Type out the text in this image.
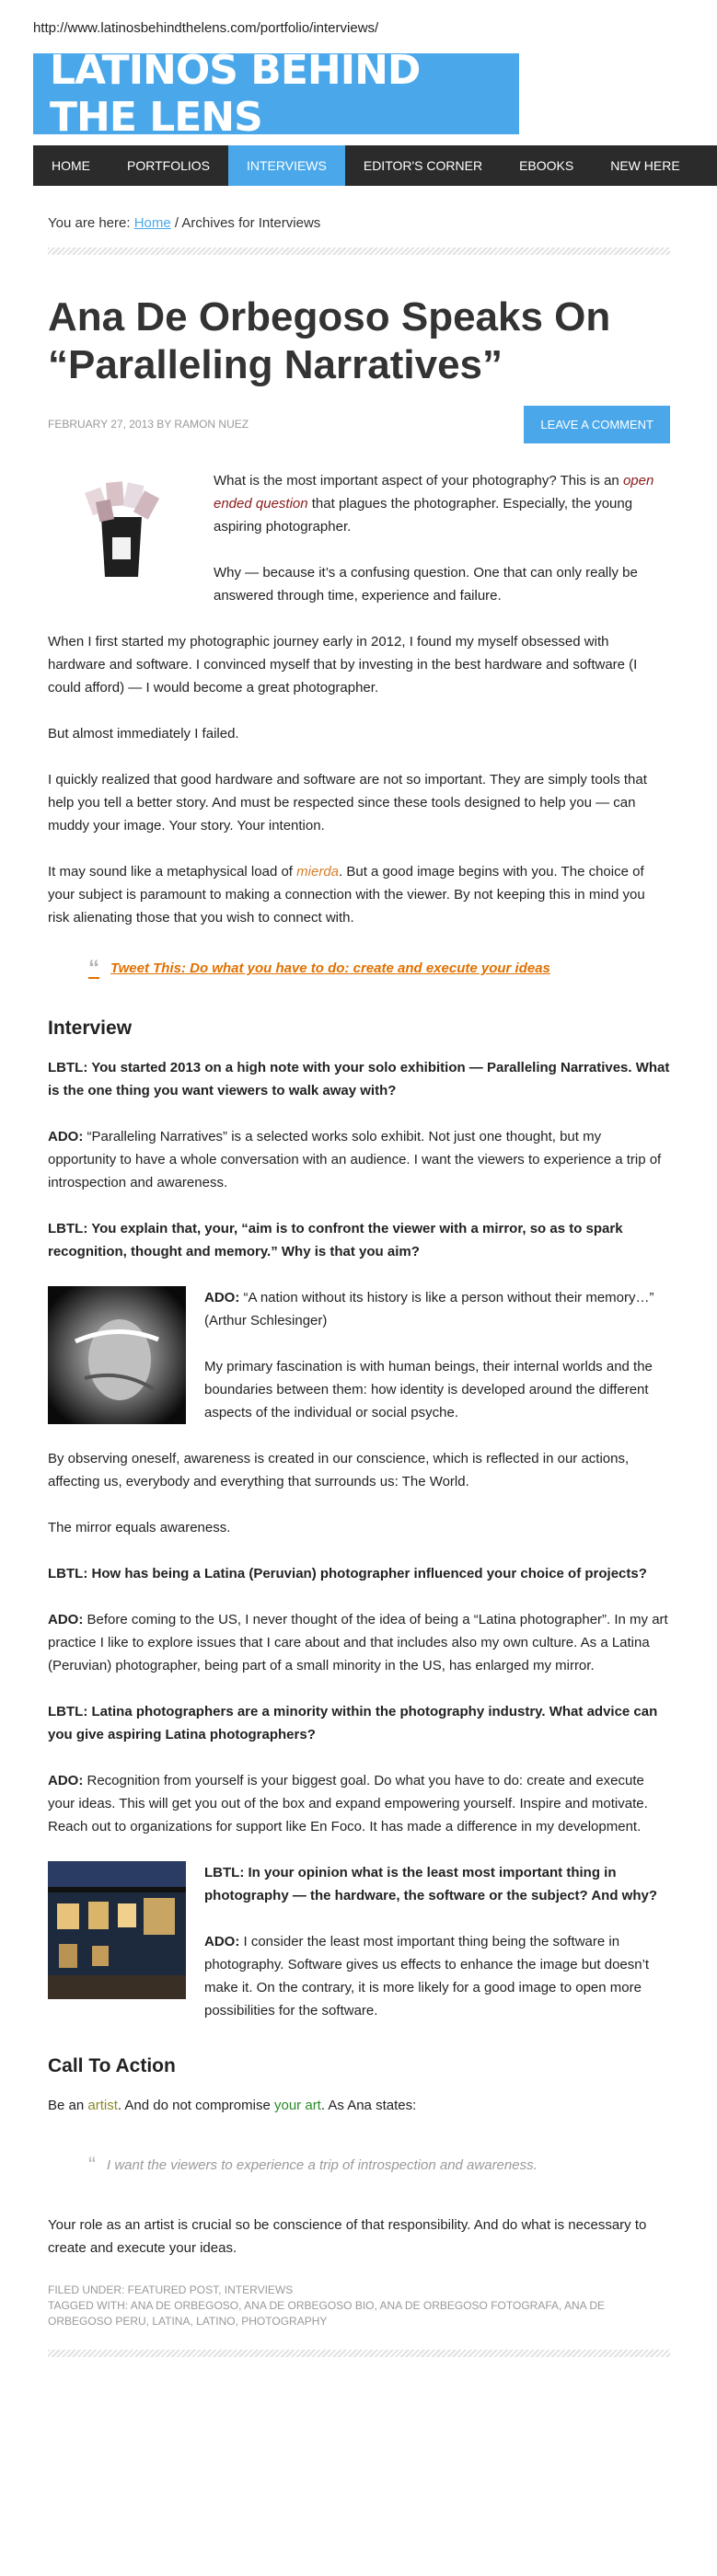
http://www.latinosbehindthelens.com/portfolio/interviews/
LATINOS BEHIND THE LENS
HOME	PORTFOLIOS	INTERVIEWS	EDITOR'S CORNER	EBOOKS	NEW HERE
You are here: Home / Archives for Interviews
Ana De Orbegoso Speaks On “Paralleling Narratives”
FEBRUARY 27, 2013 BY RAMON NUEZ	LEAVE A COMMENT

What is the most important aspect of your photography? This is an open ended question that plagues the photographer. Especially, the young aspiring photographer.

Why — because it’s a confusing question. One that can only really be answered through time, experience and failure.

When I first started my photographic journey early in 2012, I found my myself obsessed with hardware and software. I convinced myself that by investing in the best hardware and software (I could afford) — I would become a great photographer.

But almost immediately I failed.

I quickly realized that good hardware and software are not so important. They are simply tools that help you tell a better story. And must be respected since these tools designed to help you — can muddy your image. Your story. Your intention.

It may sound like a metaphysical load of mierda. But a good image begins with you. The choice of your subject is paramount to making a connection with the viewer. By not keeping this in mind you risk alienating those that you wish to connect with.

“ Tweet This: Do what you have to do: create and execute your ideas
Interview

LBTL: You started 2013 on a high note with your solo exhibition — Paralleling Narratives. What is the one thing you want viewers to walk away with?

ADO: “Paralleling Narratives” is a selected works solo exhibit. Not just one thought, but my opportunity to have a whole conversation with an audience. I want the viewers to experience a trip of introspection and awareness.

LBTL: You explain that, your, “aim is to confront the viewer with a mirror, so as to spark recognition, thought and memory.” Why is that you aim?

ADO: “A nation without its history is like a person without their memory…” (Arthur Schlesinger)

My primary fascination is with human beings, their internal worlds and the boundaries between them: how identity is developed around the different aspects of the individual or social psyche.

By observing oneself, awareness is created in our conscience, which is reflected in our actions, affecting us, everybody and everything that surrounds us: The World.

The mirror equals awareness.

LBTL: How has being a Latina (Peruvian) photographer influenced your choice of projects?

ADO: Before coming to the US, I never thought of the idea of being a “Latina photographer”. In my art practice I like to explore issues that I care about and that includes also my own culture. As a Latina (Peruvian) photographer, being part of a small minority in the US, has enlarged my mirror.

LBTL: Latina photographers are a minority within the photography industry. What advice can you give aspiring Latina photographers?

ADO: Recognition from yourself is your biggest goal. Do what you have to do: create and execute your ideas. This will get you out of the box and expand empowering yourself. Inspire and motivate. Reach out to organizations for support like En Foco. It has made a difference in my development.

LBTL: In your opinion what is the least most important thing in photography — the hardware, the software or the subject? And why?

ADO: I consider the least most important thing being the software in photography. Software gives us effects to enhance the image but doesn’t make it. On the contrary, it is more likely for a good image to open more possibilities for the software.

Call To Action

Be an artist. And do not compromise your art. As Ana states:

“ I want the viewers to experience a trip of introspection and awareness.

Your role as an artist is crucial so be conscience of that responsibility. And do what is necessary to create and execute your ideas.

FILED UNDER: FEATURED POST, INTERVIEWS
TAGGED WITH: ANA DE ORBEGOSO, ANA DE ORBEGOSO BIO, ANA DE ORBEGOSO FOTOGRAFA, ANA DE ORBEGOSO PERU, LATINA, LATINO, PHOTOGRAPHY
